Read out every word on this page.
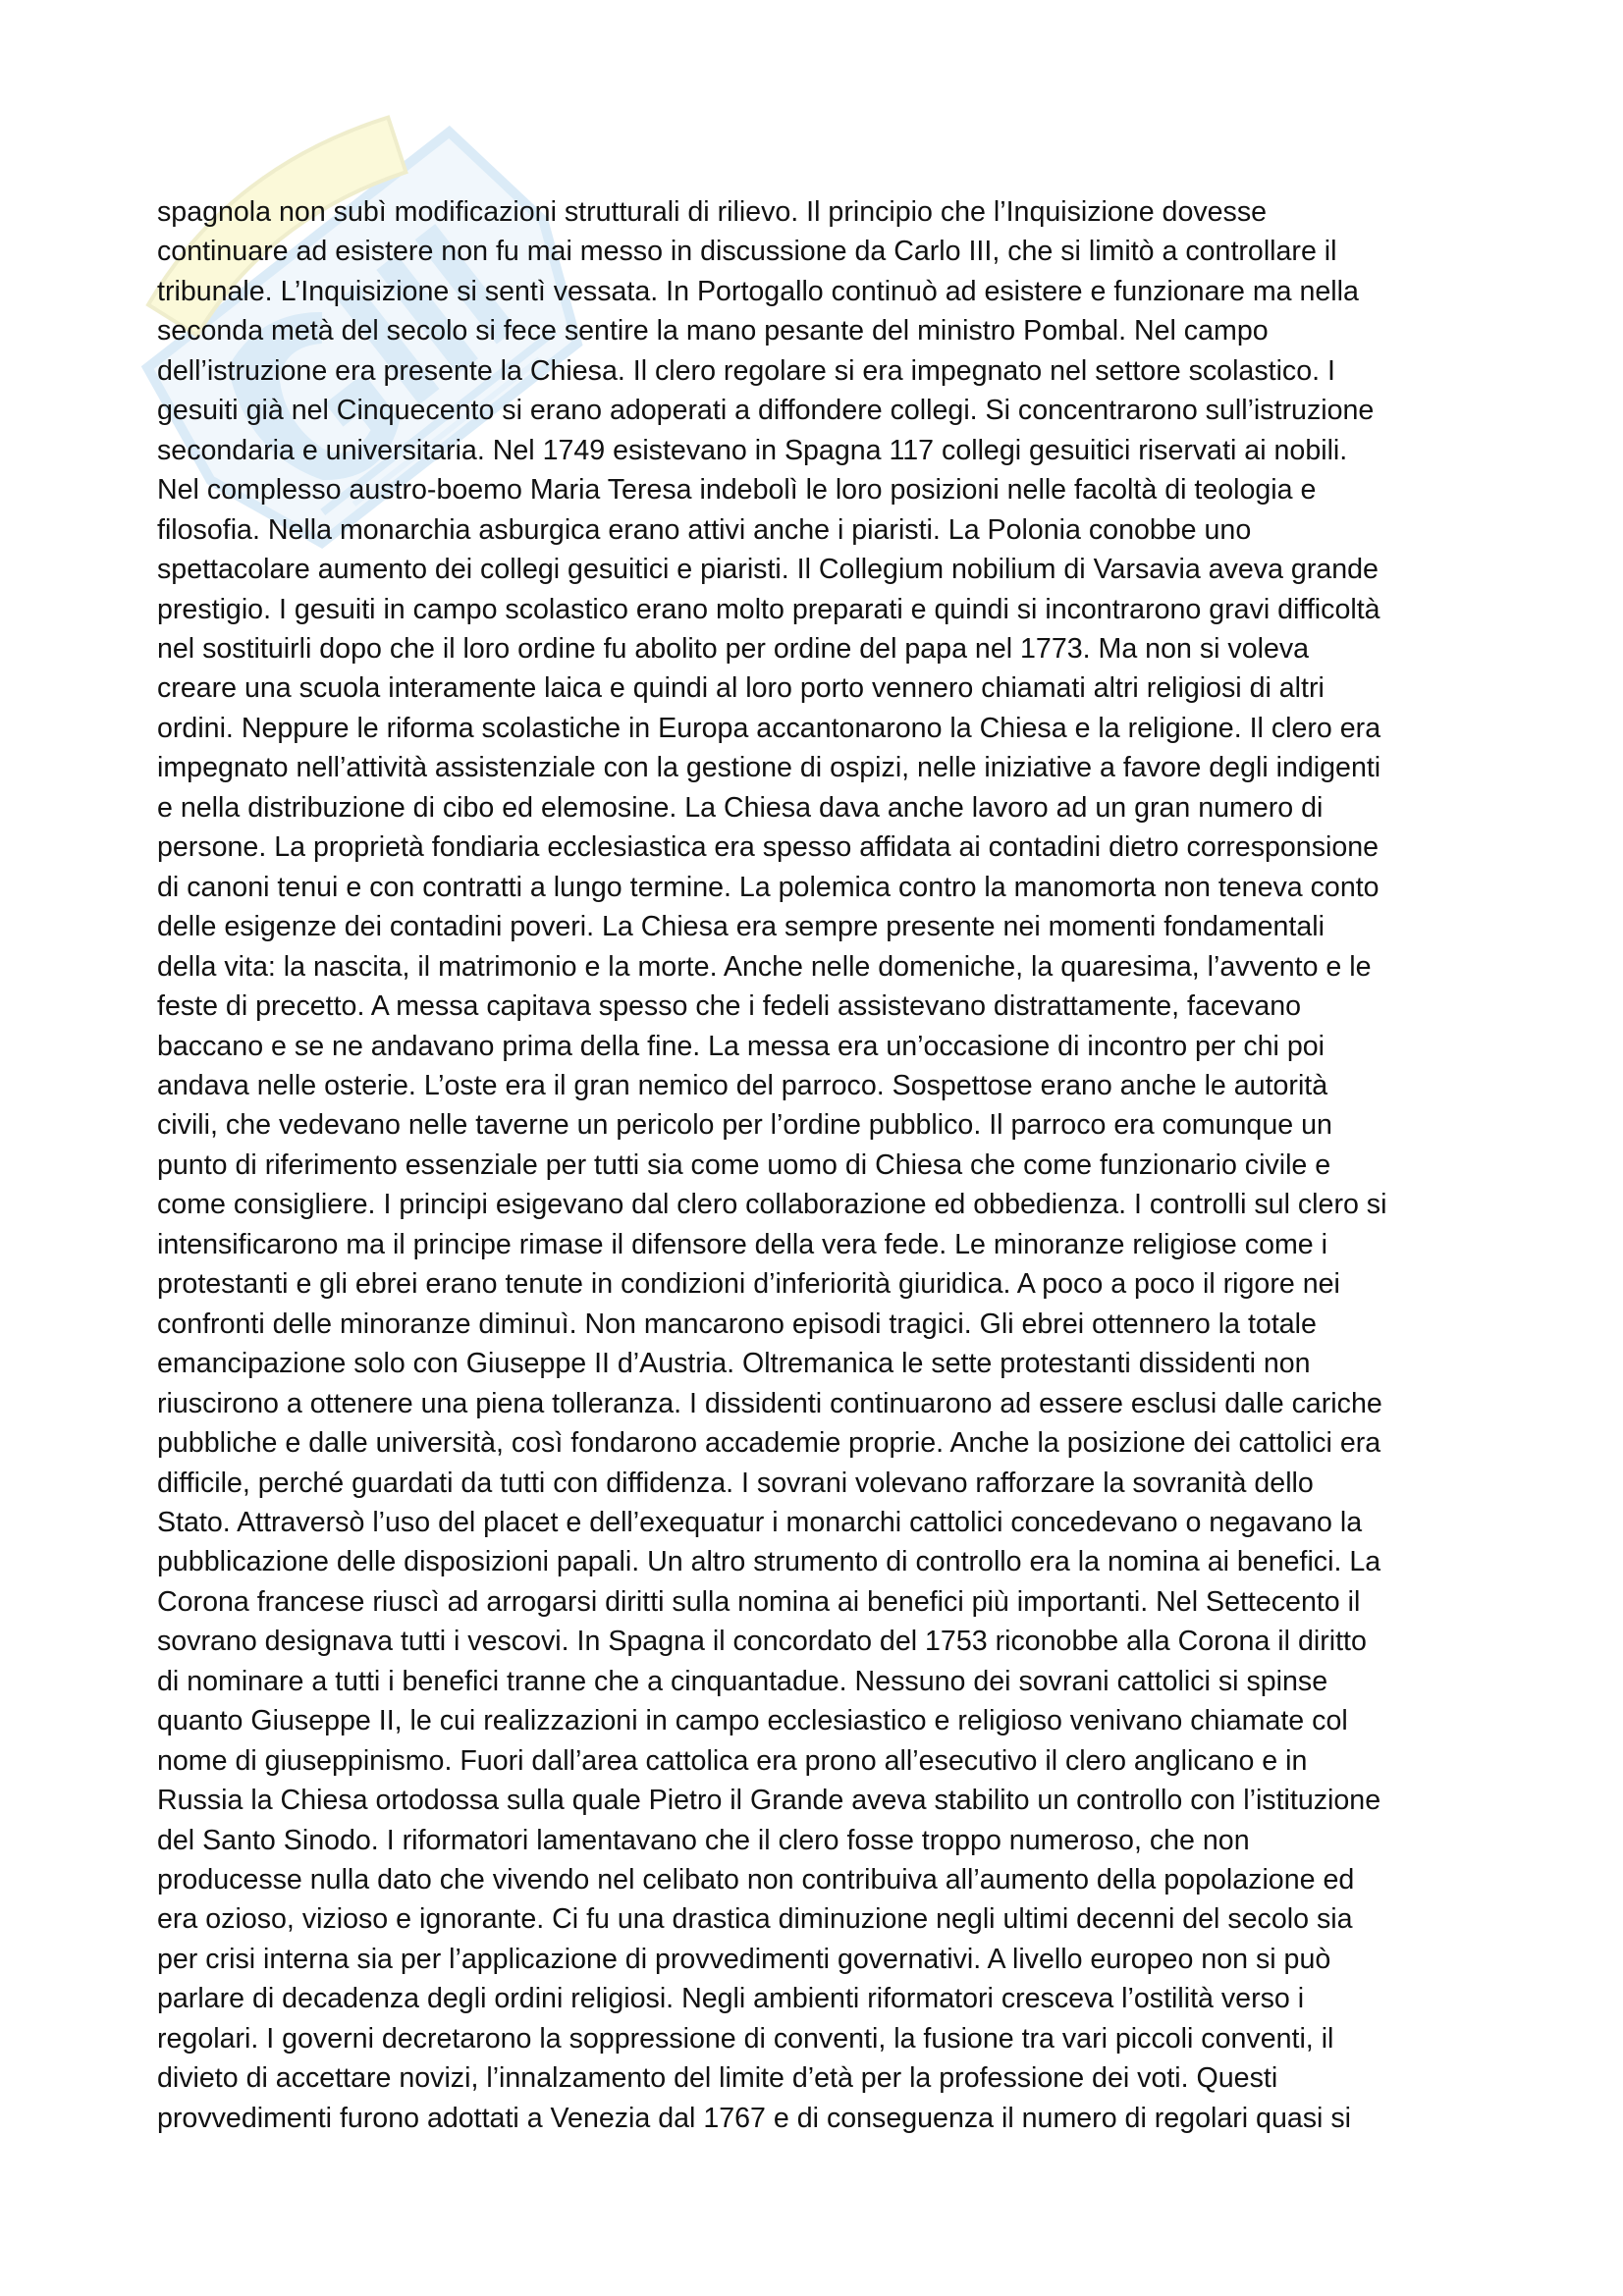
spagnola non subì modificazioni strutturali di rilievo. Il principio che l’Inquisizione dovesse
continuare ad esistere non fu mai messo in discussione da Carlo III, che si limitò a controllare il
tribunale. L’Inquisizione si sentì vessata. In Portogallo continuò ad esistere e funzionare ma nella
seconda metà del secolo si fece sentire la mano pesante del ministro Pombal. Nel campo
dell’istruzione era presente la Chiesa. Il clero regolare si era impegnato nel settore scolastico. I
gesuiti già nel Cinquecento si erano adoperati a diffondere collegi. Si concentrarono sull’istruzione
secondaria e universitaria. Nel 1749 esistevano in Spagna 117 collegi gesuitici riservati ai nobili.
Nel complesso austro-boemo Maria Teresa indebolì le loro posizioni nelle facoltà di teologia e
filosofia. Nella monarchia asburgica erano attivi anche i piaristi. La Polonia conobbe uno
spettacolare aumento dei collegi gesuitici e piaristi. Il Collegium nobilium di Varsavia aveva grande
prestigio. I gesuiti in campo scolastico erano molto preparati e quindi si incontrarono gravi difficoltà
nel sostituirli dopo che il loro ordine fu abolito per ordine del papa nel 1773. Ma non si voleva
creare una scuola interamente laica e quindi al loro porto vennero chiamati altri religiosi di altri
ordini. Neppure le riforma scolastiche in Europa accantonarono la Chiesa e la religione. Il clero era
impegnato nell’attività assistenziale con la gestione di ospizi, nelle iniziative a favore degli indigenti
e nella distribuzione di cibo ed elemosine. La Chiesa dava anche lavoro ad un gran numero di
persone. La proprietà fondiaria ecclesiastica era spesso affidata ai contadini dietro corresponsione
di canoni tenui e con contratti a lungo termine. La polemica contro la manomorta non teneva conto
delle esigenze dei contadini poveri. La Chiesa era sempre presente nei momenti fondamentali
della vita: la nascita, il matrimonio e la morte. Anche nelle domeniche, la quaresima, l’avvento e le
feste di precetto. A messa capitava spesso che i fedeli assistevano distrattamente, facevano
baccano e se ne andavano prima della fine. La messa era un’occasione di incontro per chi poi
andava nelle osterie. L’oste era il gran nemico del parroco. Sospettose erano anche le autorità
civili, che vedevano nelle taverne un pericolo per l’ordine pubblico. Il parroco era comunque un
punto di riferimento essenziale per tutti sia come uomo di Chiesa che come funzionario civile e
come consigliere. I principi esigevano dal clero collaborazione ed obbedienza. I controlli sul clero si
intensificarono ma il principe rimase il difensore della vera fede. Le minoranze religiose come i
protestanti e gli ebrei erano tenute in condizioni d’inferiorità giuridica. A poco a poco il rigore nei
confronti delle minoranze diminuì. Non mancarono episodi tragici. Gli ebrei ottennero la totale
emancipazione solo con Giuseppe II d’Austria. Oltremanica le sette protestanti dissidenti non
riuscirono a ottenere una piena tolleranza. I dissidenti continuarono ad essere esclusi dalle cariche
pubbliche e dalle università, così fondarono accademie proprie. Anche la posizione dei cattolici era
difficile, perché guardati da tutti con diffidenza. I sovrani volevano rafforzare la sovranità dello
Stato. Attraversò l’uso del placet e dell’exequatur i monarchi cattolici concedevano o negavano la
pubblicazione delle disposizioni papali. Un altro strumento di controllo era la nomina ai benefici. La
Corona francese riuscì ad arrogarsi diritti sulla nomina ai benefici più importanti. Nel Settecento il
sovrano designava tutti i vescovi. In Spagna il concordato del 1753 riconobbe alla Corona il diritto
di nominare a tutti i benefici tranne che a cinquantadue. Nessuno dei sovrani cattolici si spinse
quanto Giuseppe II, le cui realizzazioni in campo ecclesiastico e religioso venivano chiamate col
nome di giuseppinismo. Fuori dall’area cattolica era prono all’esecutivo il clero anglicano e in
Russia la Chiesa ortodossa sulla quale Pietro il Grande aveva stabilito un controllo con l’istituzione
del Santo Sinodo. I riformatori lamentavano che il clero fosse troppo numeroso, che non
producesse nulla dato che vivendo nel celibato non contribuiva all’aumento della popolazione ed
era ozioso, vizioso e ignorante. Ci fu una drastica diminuzione negli ultimi decenni del secolo sia
per crisi interna sia per l’applicazione di provvedimenti governativi. A livello europeo non si può
parlare di decadenza degli ordini religiosi. Negli ambienti riformatori cresceva l’ostilità verso i
regolari. I governi decretarono la soppressione di conventi, la fusione tra vari piccoli conventi, il
divieto di accettare novizi, l’innalzamento del limite d’età per la professione dei voti. Questi
provvedimenti furono adottati a Venezia dal 1767 e di conseguenza il numero di regolari quasi si
